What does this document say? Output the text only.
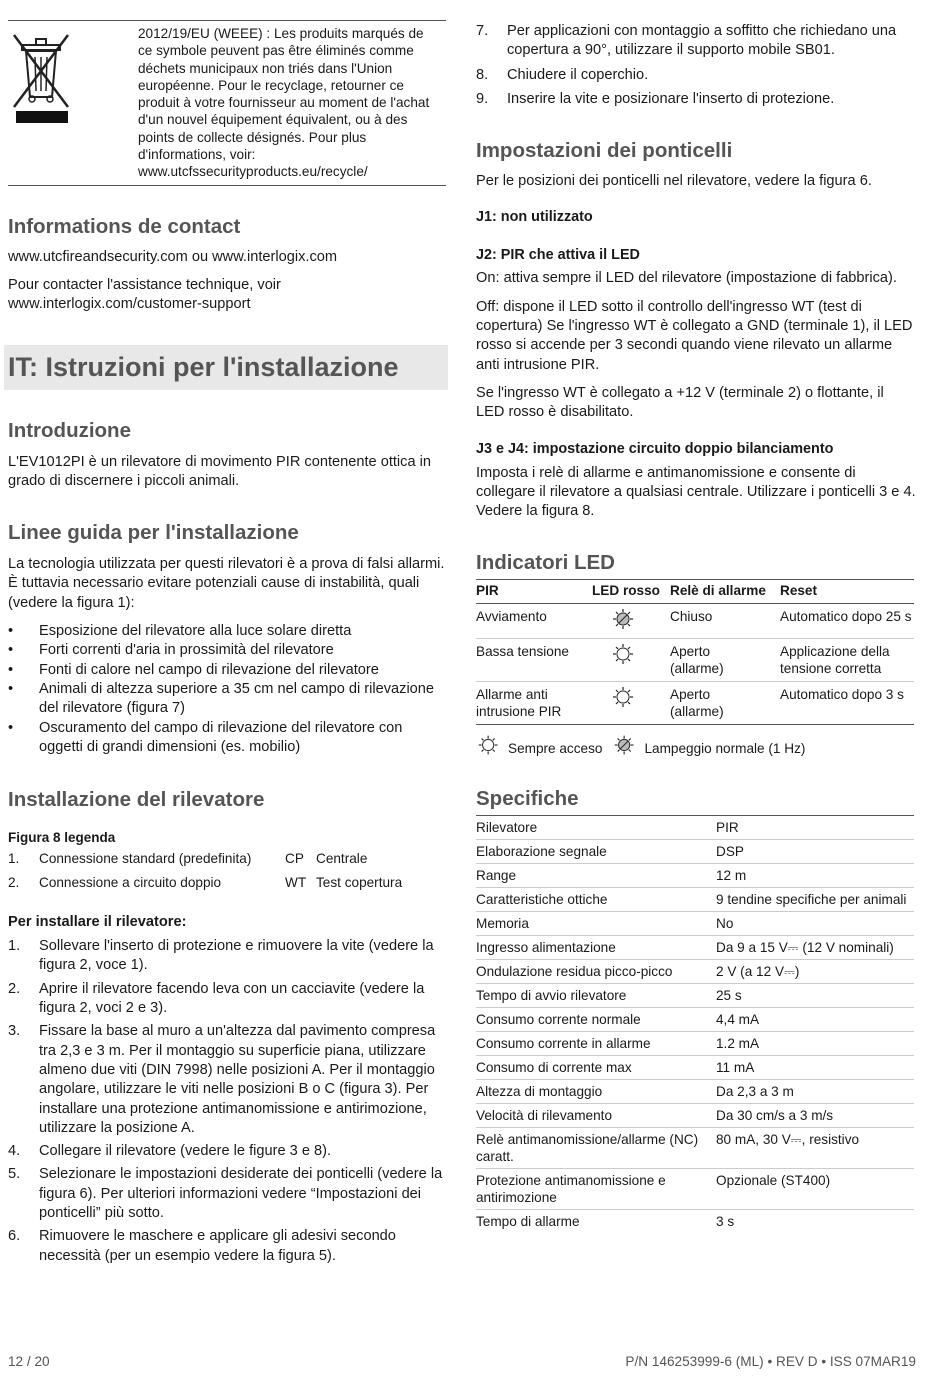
2012/19/EU (WEEE) : Les produits marqués de ce symbole peuvent pas être éliminés comme déchets municipaux non triés dans l'Union européenne. Pour le recyclage, retourner ce produit à votre fournisseur au moment de l'achat d'un nouvel équipement équivalent, ou à des points de collecte désignés. Pour plus d'informations, voir: www.utcfssecurityproducts.eu/recycle/
Informations de contact

www.utcfireandsecurity.com ou www.interlogix.com

Pour contacter l'assistance technique, voir www.interlogix.com/customer-support

IT: Istruzioni per l'installazione
Introduzione

L'EV1012PI è un rilevatore di movimento PIR contenente ottica in grado di discernere i piccoli animali.

Linee guida per l'installazione

La tecnologia utilizzata per questi rilevatori è a prova di falsi allarmi. È tuttavia necessario evitare potenziali cause di instabilità, quali (vedere la figura 1):

• Esposizione del rilevatore alla luce solare diretta
• Forti correnti d'aria in prossimità del rilevatore
• Fonti di calore nel campo di rilevazione del rilevatore
• Animali di altezza superiore a 35 cm nel campo di rilevazione del rilevatore (figura 7)
• Oscuramento del campo di rilevazione del rilevatore con oggetti di grandi dimensioni (es. mobilio)
Installazione del rilevatore
Figura 8 legenda
1.	Connessione standard (predefinita)	CP	Centrale
2.	Connessione a circuito doppio	WT	Test copertura
Per installare il rilevatore:
1. Sollevare l'inserto di protezione e rimuovere la vite (vedere la figura 2, voce 1).
2. Aprire il rilevatore facendo leva con un cacciavite (vedere la figura 2, voci 2 e 3).
3. Fissare la base al muro a un'altezza dal pavimento compresa tra 2,3 e 3 m. Per il montaggio su superficie piana, utilizzare almeno due viti (DIN 7998) nelle posizioni A. Per il montaggio angolare, utilizzare le viti nelle posizioni B o C (figura 3). Per installare una protezione antimanomissione e antirimozione, utilizzare la posizione A.
4. Collegare il rilevatore (vedere le figure 3 e 8).
5. Selezionare le impostazioni desiderate dei ponticelli (vedere la figura 6). Per ulteriori informazioni vedere “Impostazioni dei ponticelli” più sotto.
6. Rimuovere le maschere e applicare gli adesivi secondo necessità (per un esempio vedere la figura 5).
7. Per applicazioni con montaggio a soffitto che richiedano una copertura a 90°, utilizzare il supporto mobile SB01.
8. Chiudere il coperchio.
9. Inserire la vite e posizionare l'inserto di protezione.
Impostazioni dei ponticelli

Per le posizioni dei ponticelli nel rilevatore, vedere la figura 6.

J1: non utilizzato
J2: PIR che attiva il LED

On: attiva sempre il LED del rilevatore (impostazione di fabbrica).

Off: dispone il LED sotto il controllo dell'ingresso WT (test di copertura) Se l'ingresso WT è collegato a GND (terminale 1), il LED rosso si accende per 3 secondi quando viene rilevato un allarme anti intrusione PIR.

Se l'ingresso WT è collegato a +12 V (terminale 2) o flottante, il LED rosso è disabilitato.

J3 e J4: impostazione circuito doppio bilanciamento

Imposta i relè di allarme e antimanomissione e consente di collegare il rilevatore a qualsiasi centrale. Utilizzare i ponticelli 3 e 4. Vedere la figura 8.

Indicatori LED
PIR	LED rosso	Relè di allarme	Reset
Avviamento		Chiuso	Automatico dopo 25 s
Bassa tensione		Aperto (allarme)	Applicazione della tensione corretta
Allarme anti intrusione PIR		Aperto (allarme)	Automatico dopo 3 s
Sempre acceso	Lampeggio normale (1 Hz)
Specifiche
Rilevatore	PIR
Elaborazione segnale	DSP
Range	12 m
Caratteristiche ottiche	9 tendine specifiche per animali
Memoria	No
Ingresso alimentazione	Da 9 a 15 V⎓ (12 V nominali)
Ondulazione residua picco-picco	2 V (a 12 V⎓)
Tempo di avvio rilevatore	25 s
Consumo corrente normale	4,4 mA
Consumo corrente in allarme	1.2 mA
Consumo di corrente max	11 mA
Altezza di montaggio	Da 2,3 a 3 m
Velocità di rilevamento	Da 30 cm/s a 3 m/s
Relè antimanomissione/allarme (NC) caratt.	80 mA, 30 V⎓, resistivo
Protezione antimanomissione e antirimozione	Opzionale (ST400)
Tempo di allarme	3 s
12 / 20	P/N 146253999-6 (ML) • REV D • ISS 07MAR19
